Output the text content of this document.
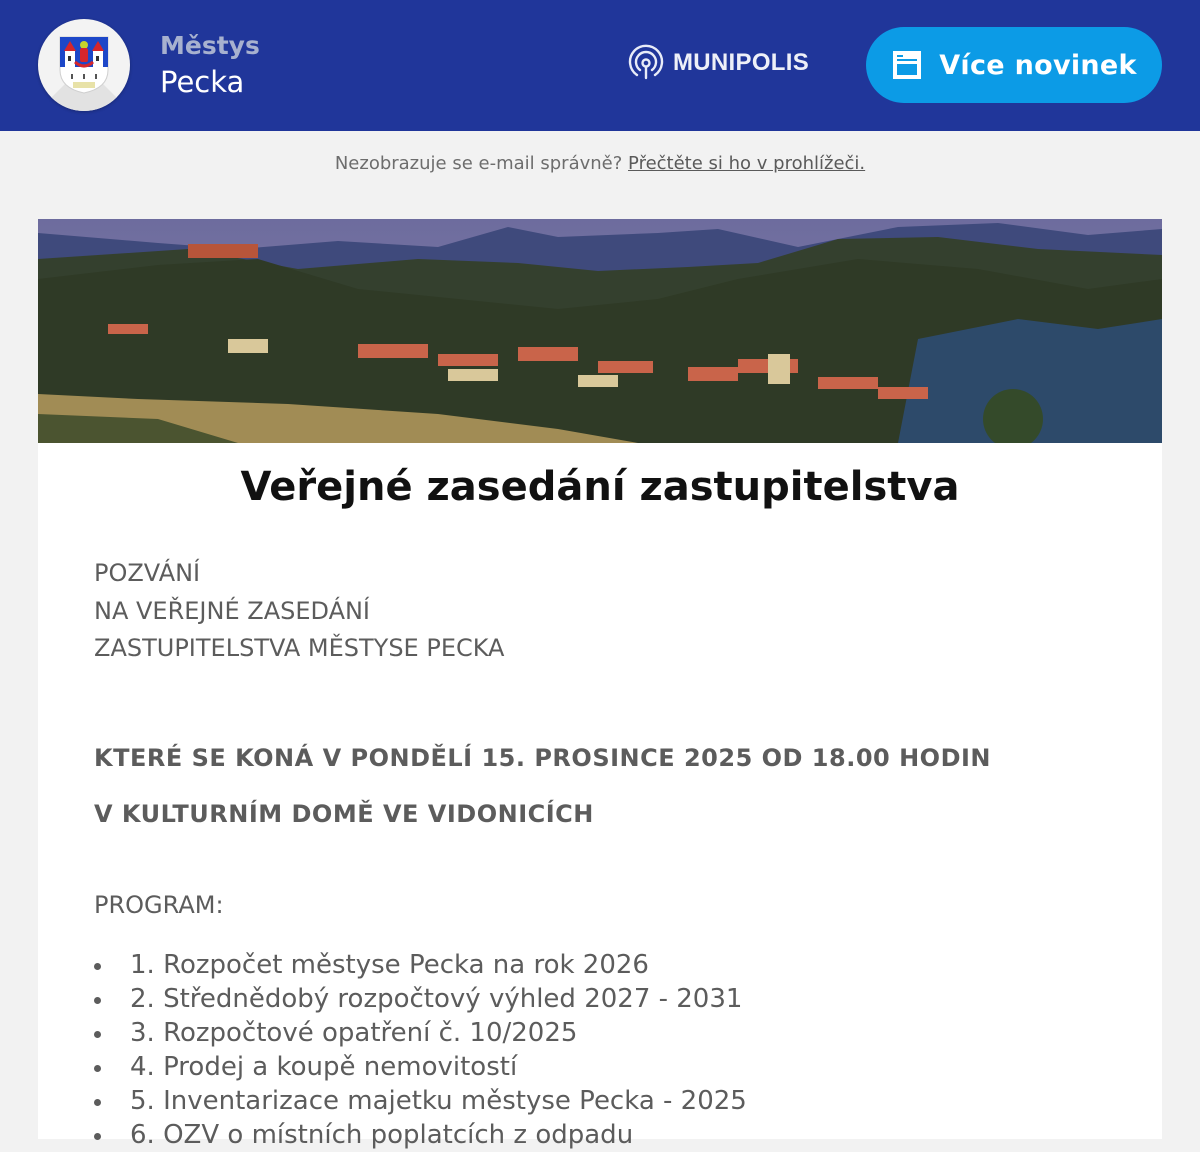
Městys
Pecka
MUNIPOLIS	Více novinek
Nezobrazuje se e-mail správně? Přečtěte si ho v prohlížeči.
Veřejné zasedání zastupitelstva
POZVÁNÍ
NA VEŘEJNÉ ZASEDÁNÍ
ZASTUPITELSTVA MĚSTYSE PECKA
KTERÉ SE KONÁ V PONDĚLÍ 15. PROSINCE 2025 OD 18.00 HODIN
V KULTURNÍM DOMĚ VE VIDONICÍCH
PROGRAM:
1. Rozpočet městyse Pecka na rok 2026
2. Střednědobý rozpočtový výhled 2027 - 2031
3. Rozpočtové opatření č. 10/2025
4. Prodej a koupě nemovitostí
5. Inventarizace majetku městyse Pecka - 2025
6. OZV o místních poplatcích z odpadu
